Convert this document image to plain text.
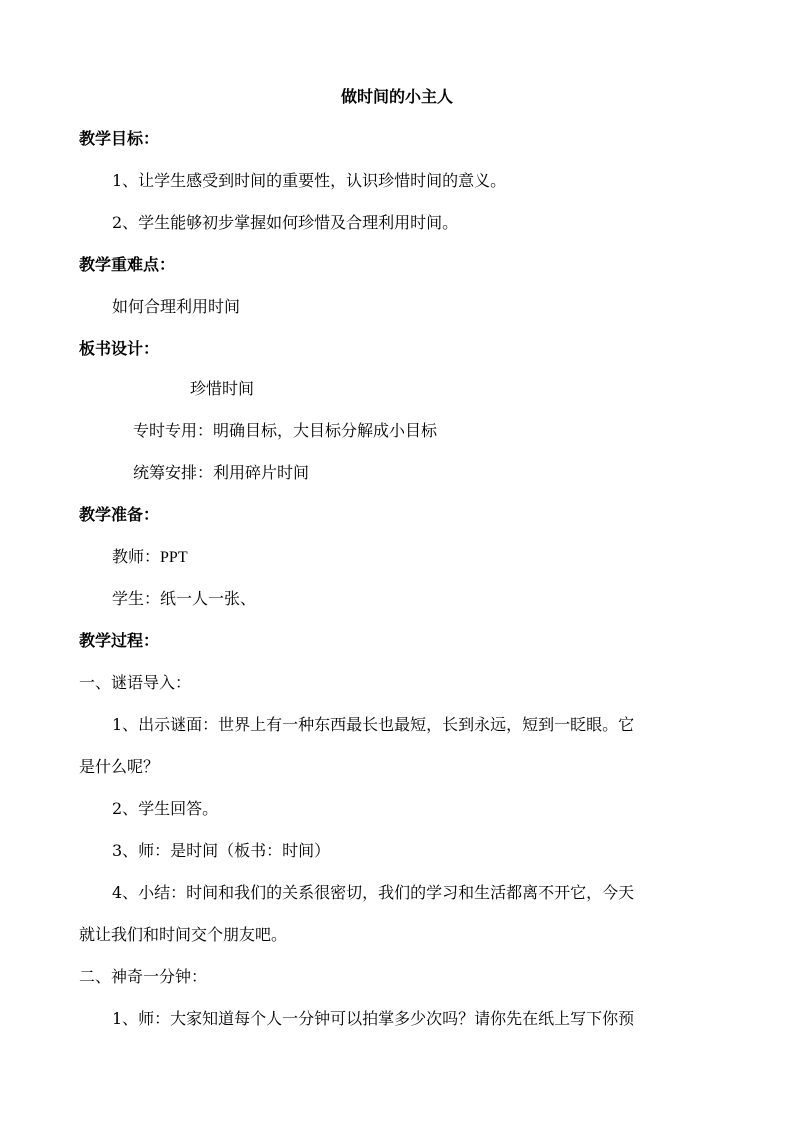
做时间的小主人
教学目标：
1、让学生感受到时间的重要性，认识珍惜时间的意义。
2、学生能够初步掌握如何珍惜及合理利用时间。
教学重难点：
如何合理利用时间
板书设计：
珍惜时间
专时专用：明确目标，大目标分解成小目标
统筹安排：利用碎片时间
教学准备：
教师：PPT
学生：纸一人一张、
教学过程：
一、谜语导入：
1、出示谜面：世界上有一种东西最长也最短，长到永远，短到一眨眼。它
是什么呢？
2、学生回答。
3、师：是时间（板书：时间）
4、小结：时间和我们的关系很密切，我们的学习和生活都离不开它，今天
就让我们和时间交个朋友吧。
二、神奇一分钟：
1、师：大家知道每个人一分钟可以拍掌多少次吗？请你先在纸上写下你预
